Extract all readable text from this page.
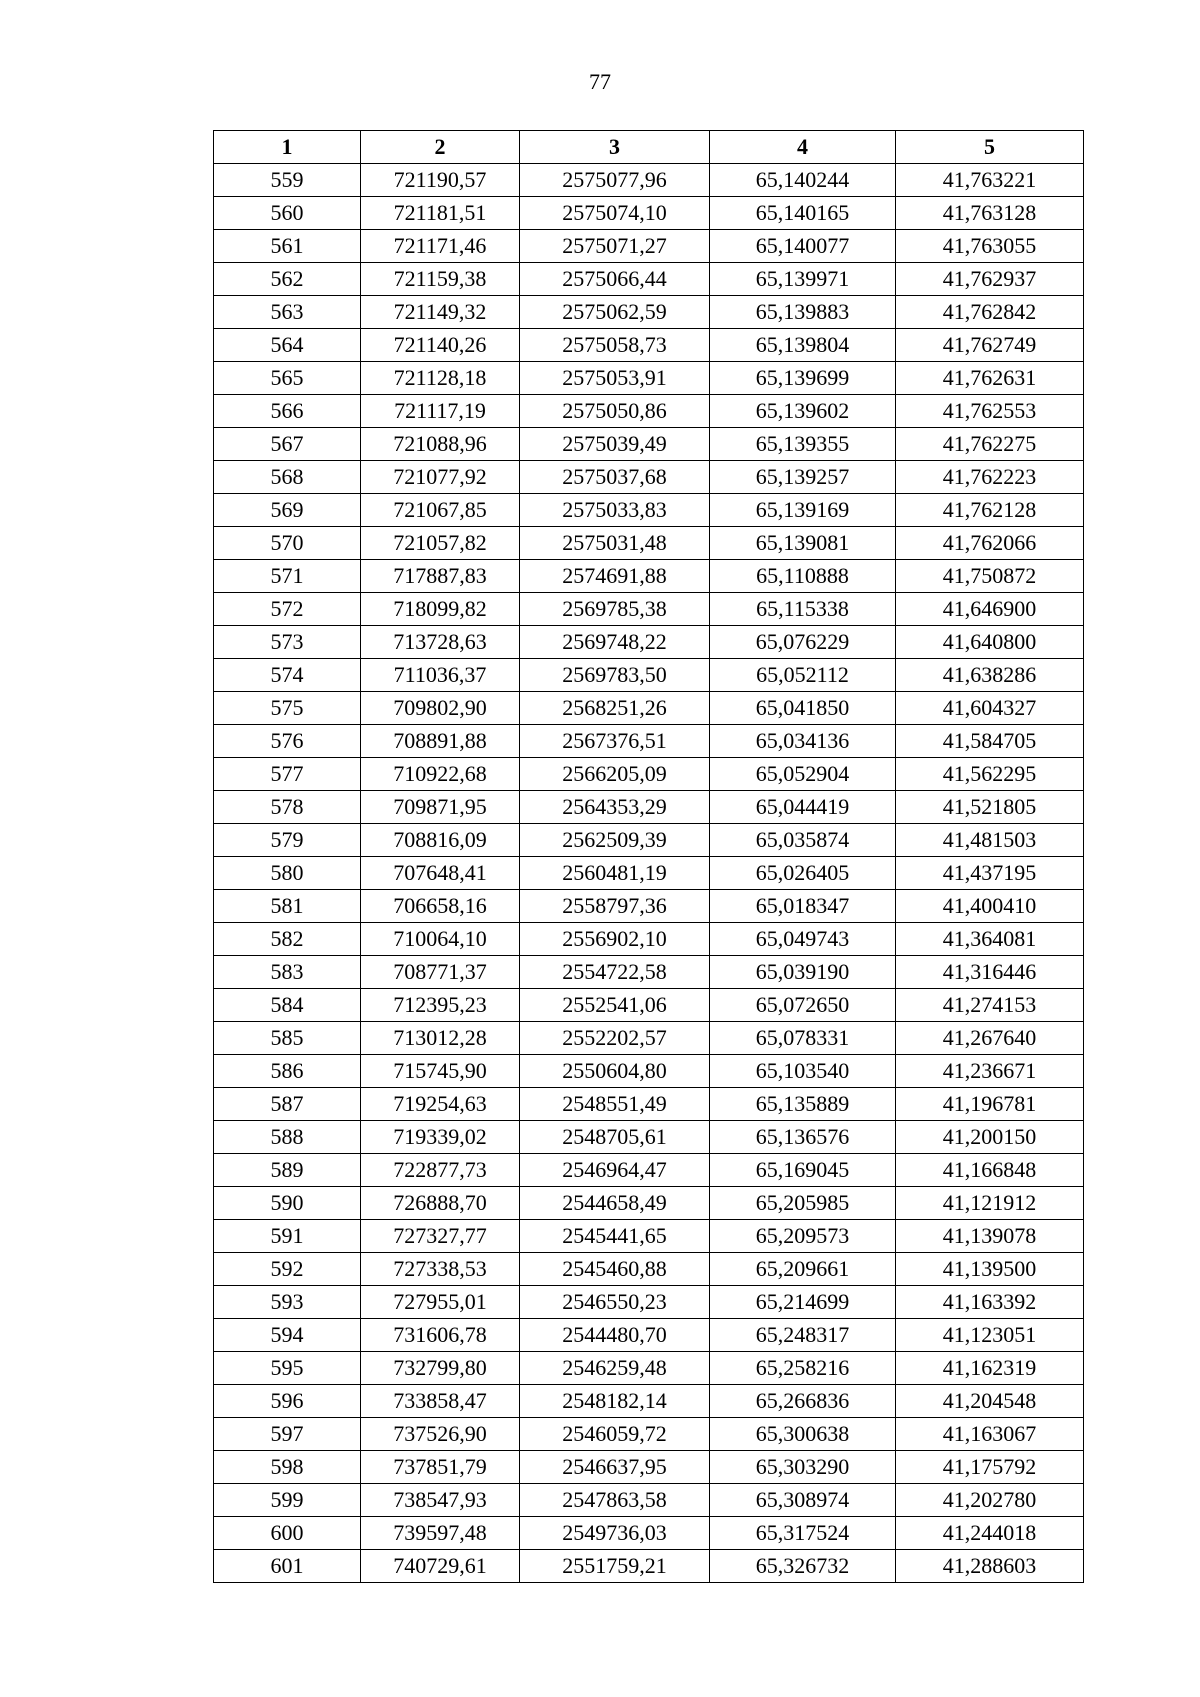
77
1	2	3	4	5
559	721190,57	2575077,96	65,140244	41,763221
560	721181,51	2575074,10	65,140165	41,763128
561	721171,46	2575071,27	65,140077	41,763055
562	721159,38	2575066,44	65,139971	41,762937
563	721149,32	2575062,59	65,139883	41,762842
564	721140,26	2575058,73	65,139804	41,762749
565	721128,18	2575053,91	65,139699	41,762631
566	721117,19	2575050,86	65,139602	41,762553
567	721088,96	2575039,49	65,139355	41,762275
568	721077,92	2575037,68	65,139257	41,762223
569	721067,85	2575033,83	65,139169	41,762128
570	721057,82	2575031,48	65,139081	41,762066
571	717887,83	2574691,88	65,110888	41,750872
572	718099,82	2569785,38	65,115338	41,646900
573	713728,63	2569748,22	65,076229	41,640800
574	711036,37	2569783,50	65,052112	41,638286
575	709802,90	2568251,26	65,041850	41,604327
576	708891,88	2567376,51	65,034136	41,584705
577	710922,68	2566205,09	65,052904	41,562295
578	709871,95	2564353,29	65,044419	41,521805
579	708816,09	2562509,39	65,035874	41,481503
580	707648,41	2560481,19	65,026405	41,437195
581	706658,16	2558797,36	65,018347	41,400410
582	710064,10	2556902,10	65,049743	41,364081
583	708771,37	2554722,58	65,039190	41,316446
584	712395,23	2552541,06	65,072650	41,274153
585	713012,28	2552202,57	65,078331	41,267640
586	715745,90	2550604,80	65,103540	41,236671
587	719254,63	2548551,49	65,135889	41,196781
588	719339,02	2548705,61	65,136576	41,200150
589	722877,73	2546964,47	65,169045	41,166848
590	726888,70	2544658,49	65,205985	41,121912
591	727327,77	2545441,65	65,209573	41,139078
592	727338,53	2545460,88	65,209661	41,139500
593	727955,01	2546550,23	65,214699	41,163392
594	731606,78	2544480,70	65,248317	41,123051
595	732799,80	2546259,48	65,258216	41,162319
596	733858,47	2548182,14	65,266836	41,204548
597	737526,90	2546059,72	65,300638	41,163067
598	737851,79	2546637,95	65,303290	41,175792
599	738547,93	2547863,58	65,308974	41,202780
600	739597,48	2549736,03	65,317524	41,244018
601	740729,61	2551759,21	65,326732	41,288603
